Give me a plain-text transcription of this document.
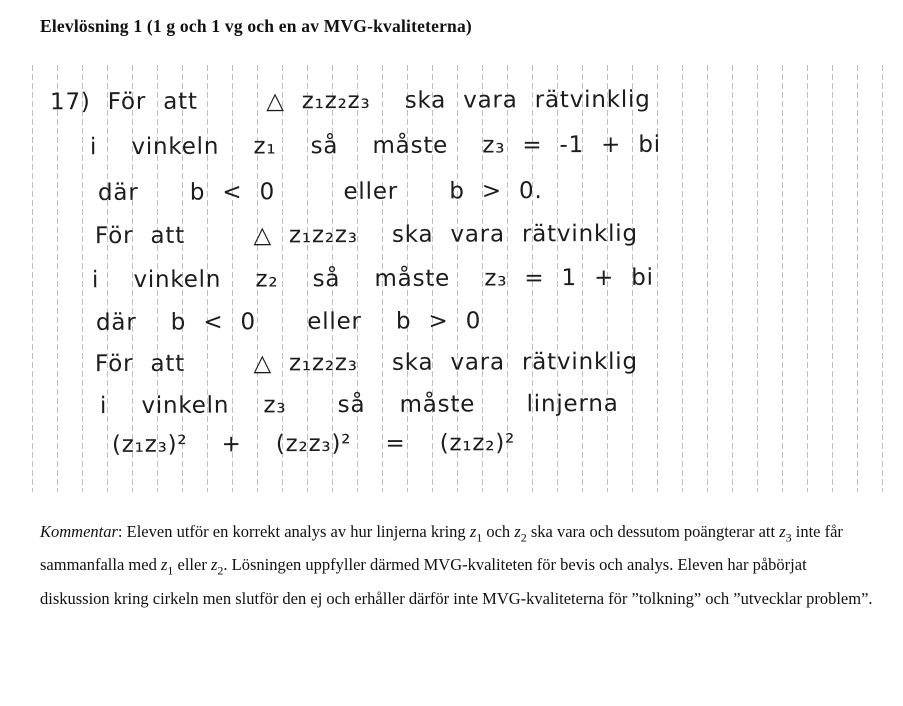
Elevlösning 1 (1 g och 1 vg och en av MVG-kvaliteterna)
17) För att    △ z₁z₂z₃  ska vara rätvinklig
i  vinkeln  z₁  så  måste  z₃ = -1 + bi
där   b < 0    eller   b > 0.
För att    △ z₁z₂z₃  ska vara rätvinklig
i  vinkeln  z₂  så  måste  z₃ = 1 + bi
där  b < 0   eller  b > 0
För att    △ z₁z₂z₃  ska vara rätvinklig
i  vinkeln  z₃   så  måste   linjerna
(z₁z₃)²  +  (z₂z₃)²  =  (z₁z₂)²
Kommentar: Eleven utför en korrekt analys av hur linjerna kring $z_1$ och $z_2$ ska vara och dessutom poängterar att $z_3$ inte får sammanfalla med $z_1$ eller $z_2$. Lösningen uppfyller därmed MVG-kvaliteten för bevis och analys. Eleven har påbörjat diskussion kring cirkeln men slutför den ej och erhåller därför inte MVG-kvaliteterna för ”tolkning” och ”utvecklar problem”.
